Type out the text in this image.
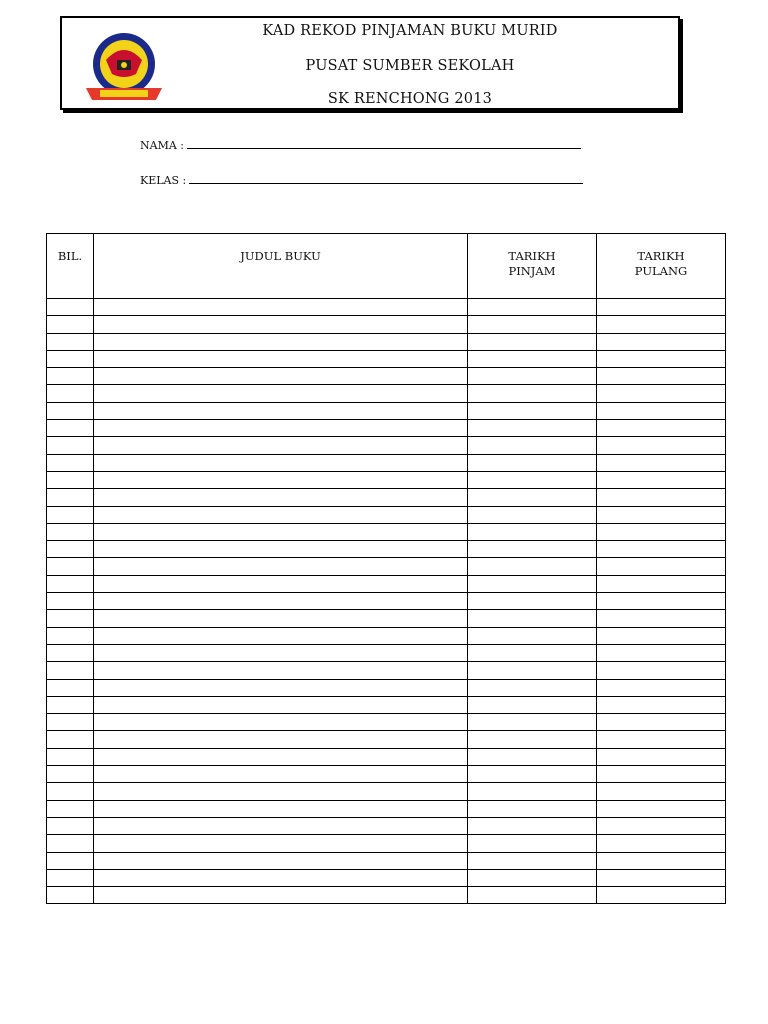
KAD REKOD PINJAMAN BUKU MURID
PUSAT SUMBER SEKOLAH
SK RENCHONG 2013
NAMA :
KELAS :
BIL.	JUDUL BUKU	TARIKH PINJAM	TARIKH PULANG
